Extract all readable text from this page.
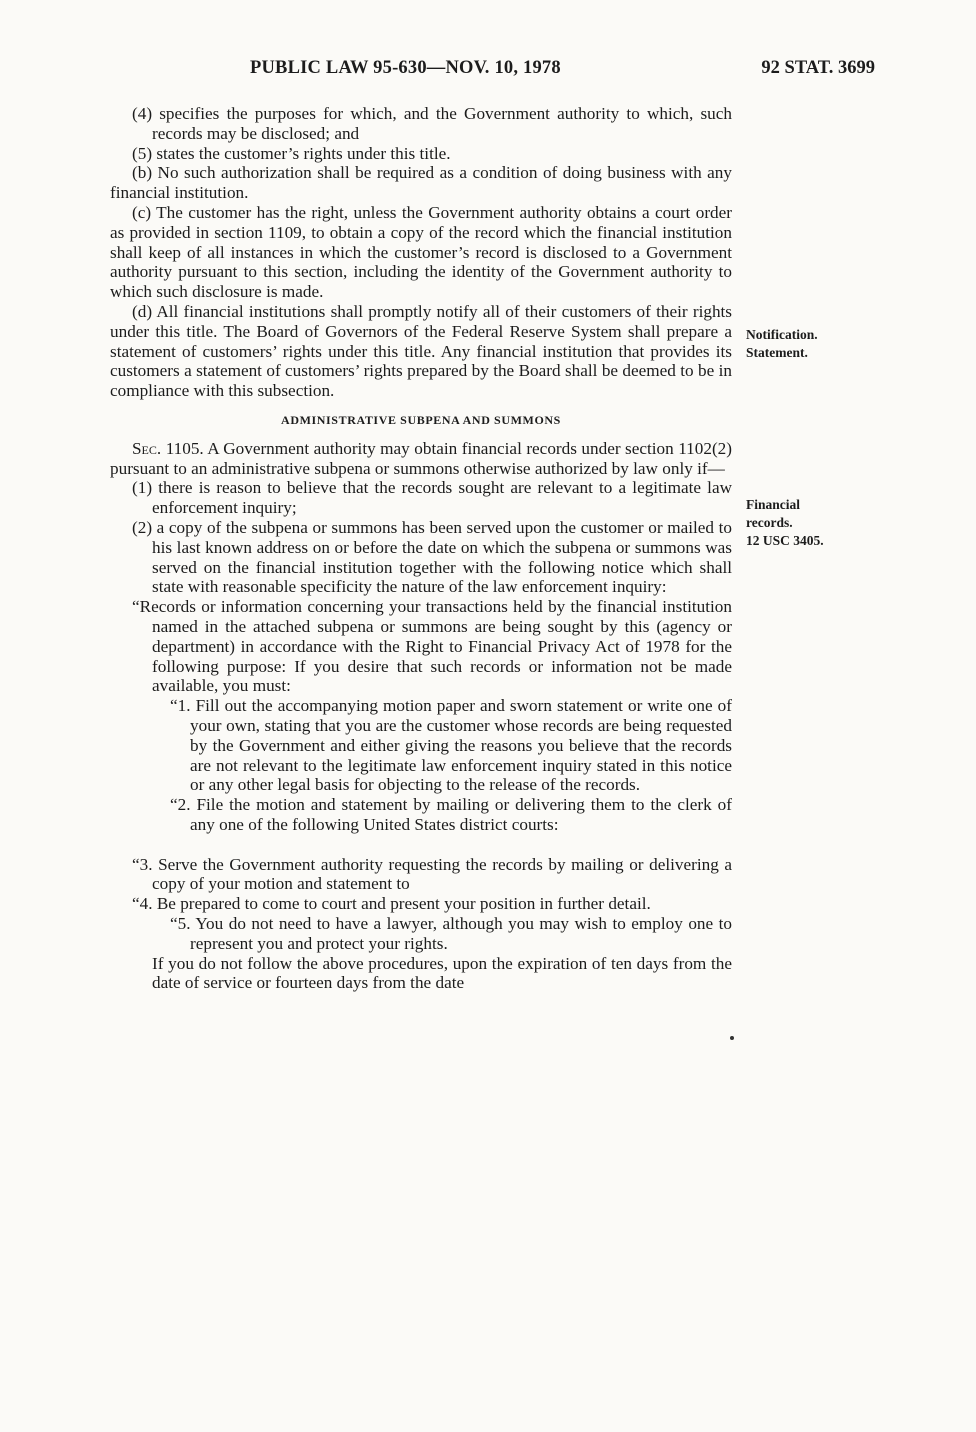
PUBLIC LAW 95-630—NOV. 10, 1978	92 STAT. 3699

(4) specifies the purposes for which, and the Government authority to which, such records may be disclosed; and

(5) states the customer’s rights under this title.

(b) No such authorization shall be required as a condition of doing business with any financial institution.

(c) The customer has the right, unless the Government authority obtains a court order as provided in section 1109, to obtain a copy of the record which the financial institution shall keep of all instances in which the customer’s record is disclosed to a Government authority pursuant to this section, including the identity of the Government authority to which such disclosure is made.

(d) All financial institutions shall promptly notify all of their customers of their rights under this title. The Board of Governors of the Federal Reserve System shall prepare a statement of customers’ rights under this title. Any financial institution that provides its customers a statement of customers’ rights prepared by the Board shall be deemed to be in compliance with this subsection.

ADMINISTRATIVE SUBPENA AND SUMMONS

Sec. 1105. A Government authority may obtain financial records under section 1102(2) pursuant to an administrative subpena or summons otherwise authorized by law only if—

(1) there is reason to believe that the records sought are relevant to a legitimate law enforcement inquiry;

(2) a copy of the subpena or summons has been served upon the customer or mailed to his last known address on or before the date on which the subpena or summons was served on the financial institution together with the following notice which shall state with reasonable specificity the nature of the law enforcement inquiry:

“Records or information concerning your transactions held by the financial institution named in the attached subpena or summons are being sought by this (agency or department) in accordance with the Right to Financial Privacy Act of 1978 for the following purpose: If you desire that such records or information not be made available, you must:

“1. Fill out the accompanying motion paper and sworn statement or write one of your own, stating that you are the customer whose records are being requested by the Government and either giving the reasons you believe that the records are not relevant to the legitimate law enforcement inquiry stated in this notice or any other legal basis for objecting to the release of the records.

“2. File the motion and statement by mailing or delivering them to the clerk of any one of the following United States district courts:

“3. Serve the Government authority requesting the records by mailing or delivering a copy of your motion and statement to

“4. Be prepared to come to court and present your position in further detail.

“5. You do not need to have a lawyer, although you may wish to employ one to represent you and protect your rights.

If you do not follow the above procedures, upon the expiration of ten days from the date of service or fourteen days from the date

Notification.
Statement.
Financial
records.
12 USC 3405.
